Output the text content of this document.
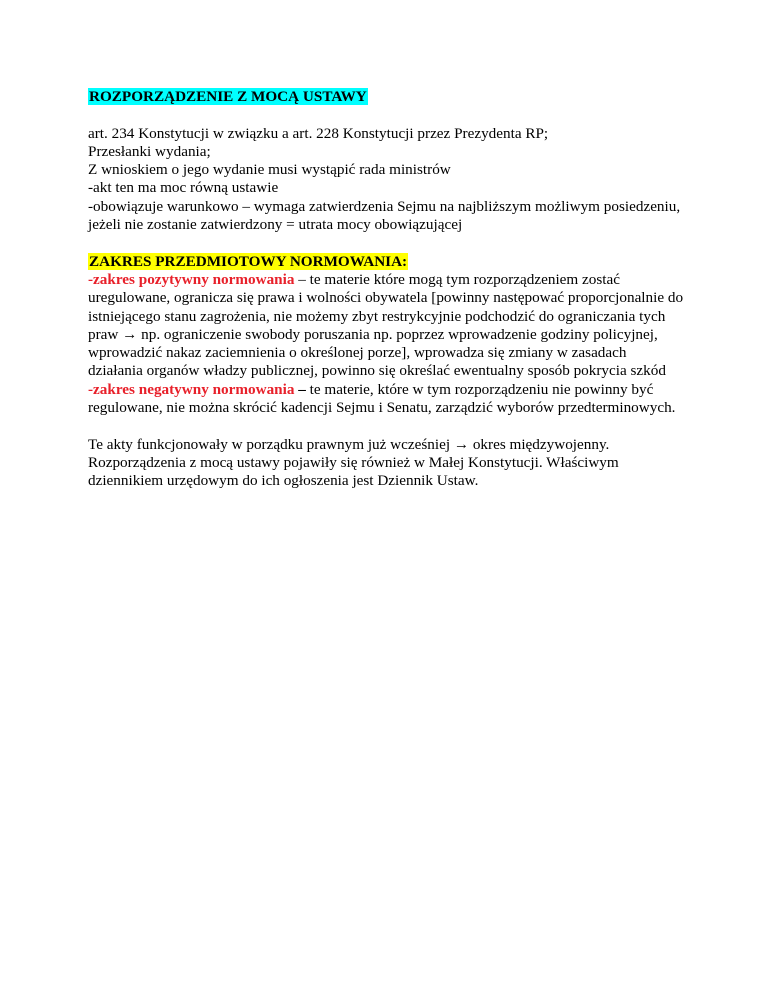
ROZPORZĄDZENIE Z MOCĄ USTAWY
art. 234 Konstytucji w związku a art. 228 Konstytucji przez Prezydenta RP;
Przesłanki wydania;
Z wnioskiem o jego wydanie musi wystąpić rada ministrów
-akt ten ma moc równą ustawie
-obowiązuje warunkowo – wymaga zatwierdzenia Sejmu na najbliższym możliwym posiedzeniu,
jeżeli nie zostanie zatwierdzony = utrata mocy obowiązującej
ZAKRES PRZEDMIOTOWY NORMOWANIA:
-zakres pozytywny normowania – te materie które mogą tym rozporządzeniem zostać
uregulowane, ogranicza się prawa i wolności obywatela [powinny następować proporcjonalnie do
istniejącego stanu zagrożenia, nie możemy zbyt restrykcyjnie podchodzić do ograniczania tych
praw → np. ograniczenie swobody poruszania np. poprzez wprowadzenie godziny policyjnej,
wprowadzić nakaz zaciemnienia o określonej porze], wprowadza się zmiany w zasadach
działania organów władzy publicznej, powinno się określać ewentualny sposób pokrycia szkód
-zakres negatywny normowania – te materie, które w tym rozporządzeniu nie powinny być
regulowane, nie można skrócić kadencji Sejmu i Senatu, zarządzić wyborów przedterminowych.
Te akty funkcjonowały w porządku prawnym już wcześniej → okres międzywojenny.
Rozporządzenia z mocą ustawy pojawiły się również w Małej Konstytucji. Właściwym
dziennikiem urzędowym do ich ogłoszenia jest Dziennik Ustaw.
